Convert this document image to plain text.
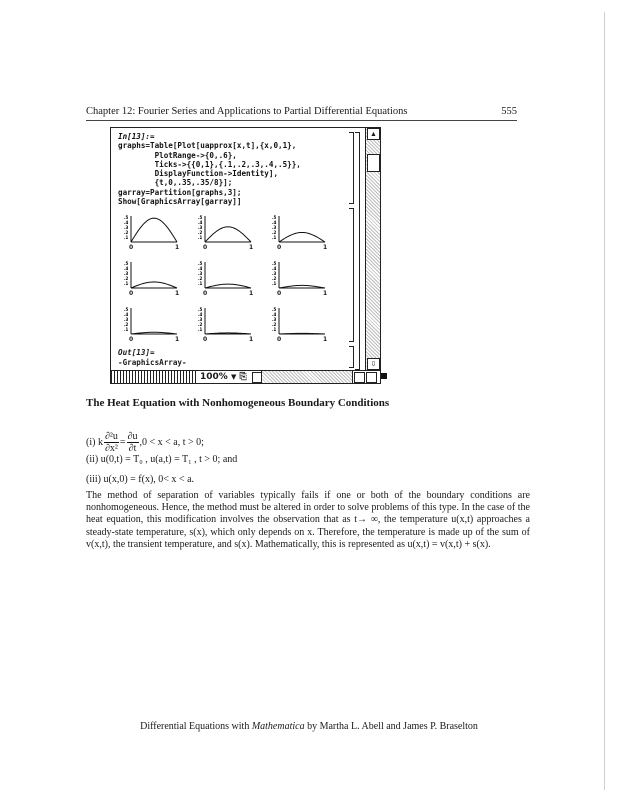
Chapter 12: Fourier Series and Applications to Partial Differential Equations	555
In[13]:=
graphs=Table[Plot[uapprox[x,t],{x,0,1},
PlotRange->{0,.6},
Ticks->{{0,1},{.1,.2,.3,.4,.5}},
DisplayFunction->Identity],
{t,0,.35,.35/8}];
garray=Partition[graphs,3];
Show[GraphicsArray[garray]]
.5
.4
.3
.2
.1
0	1
.5
.4
.3
.2
.1
0	1
.5
.4
.3
.2
.1
0	1
.5
.4
.3
.2
.1
0	1
.5
.4
.3
.2
.1
0	1
.5
.4
.3
.2
.1
0	1
.5
.4
.3
.2
.1
0	1
.5
.4
.3
.2
.1
0	1
.5
.4
.3
.2
.1
0	1
Out[13]=
-GraphicsArray-
▲
⇩
100% ▼ ⎘
The Heat Equation with Nonhomogeneous Boundary Conditions
(i) k $\frac{\text{∂²u}}{\text{∂x²}} = \frac{\partial u}{\partial t} ,0 < x < a$, t > 0;
(ii) u(0,t) = T₀ , u(a,t) = T₁ , t > 0; and
(iii) u(x,0) = f(x), 0< x < a.
The method of separation of variables typically fails if one or both of the boundary conditions are nonhomogeneous. Hence, the method must be altered in order to solve problems of this type. In the case of the heat equation, this modification involves the observation that as t→ ∞, the temperature u(x,t) approaches a steady-state temperature, s(x), which only depends on x. Therefore, the temperature is made up of the sum of v(x,t), the transient temperature, and s(x). Mathematically, this is represented as u(x,t) = v(x,t) + s(x).
Differential Equations with Mathematica by Martha L. Abell and James P. Braselton
